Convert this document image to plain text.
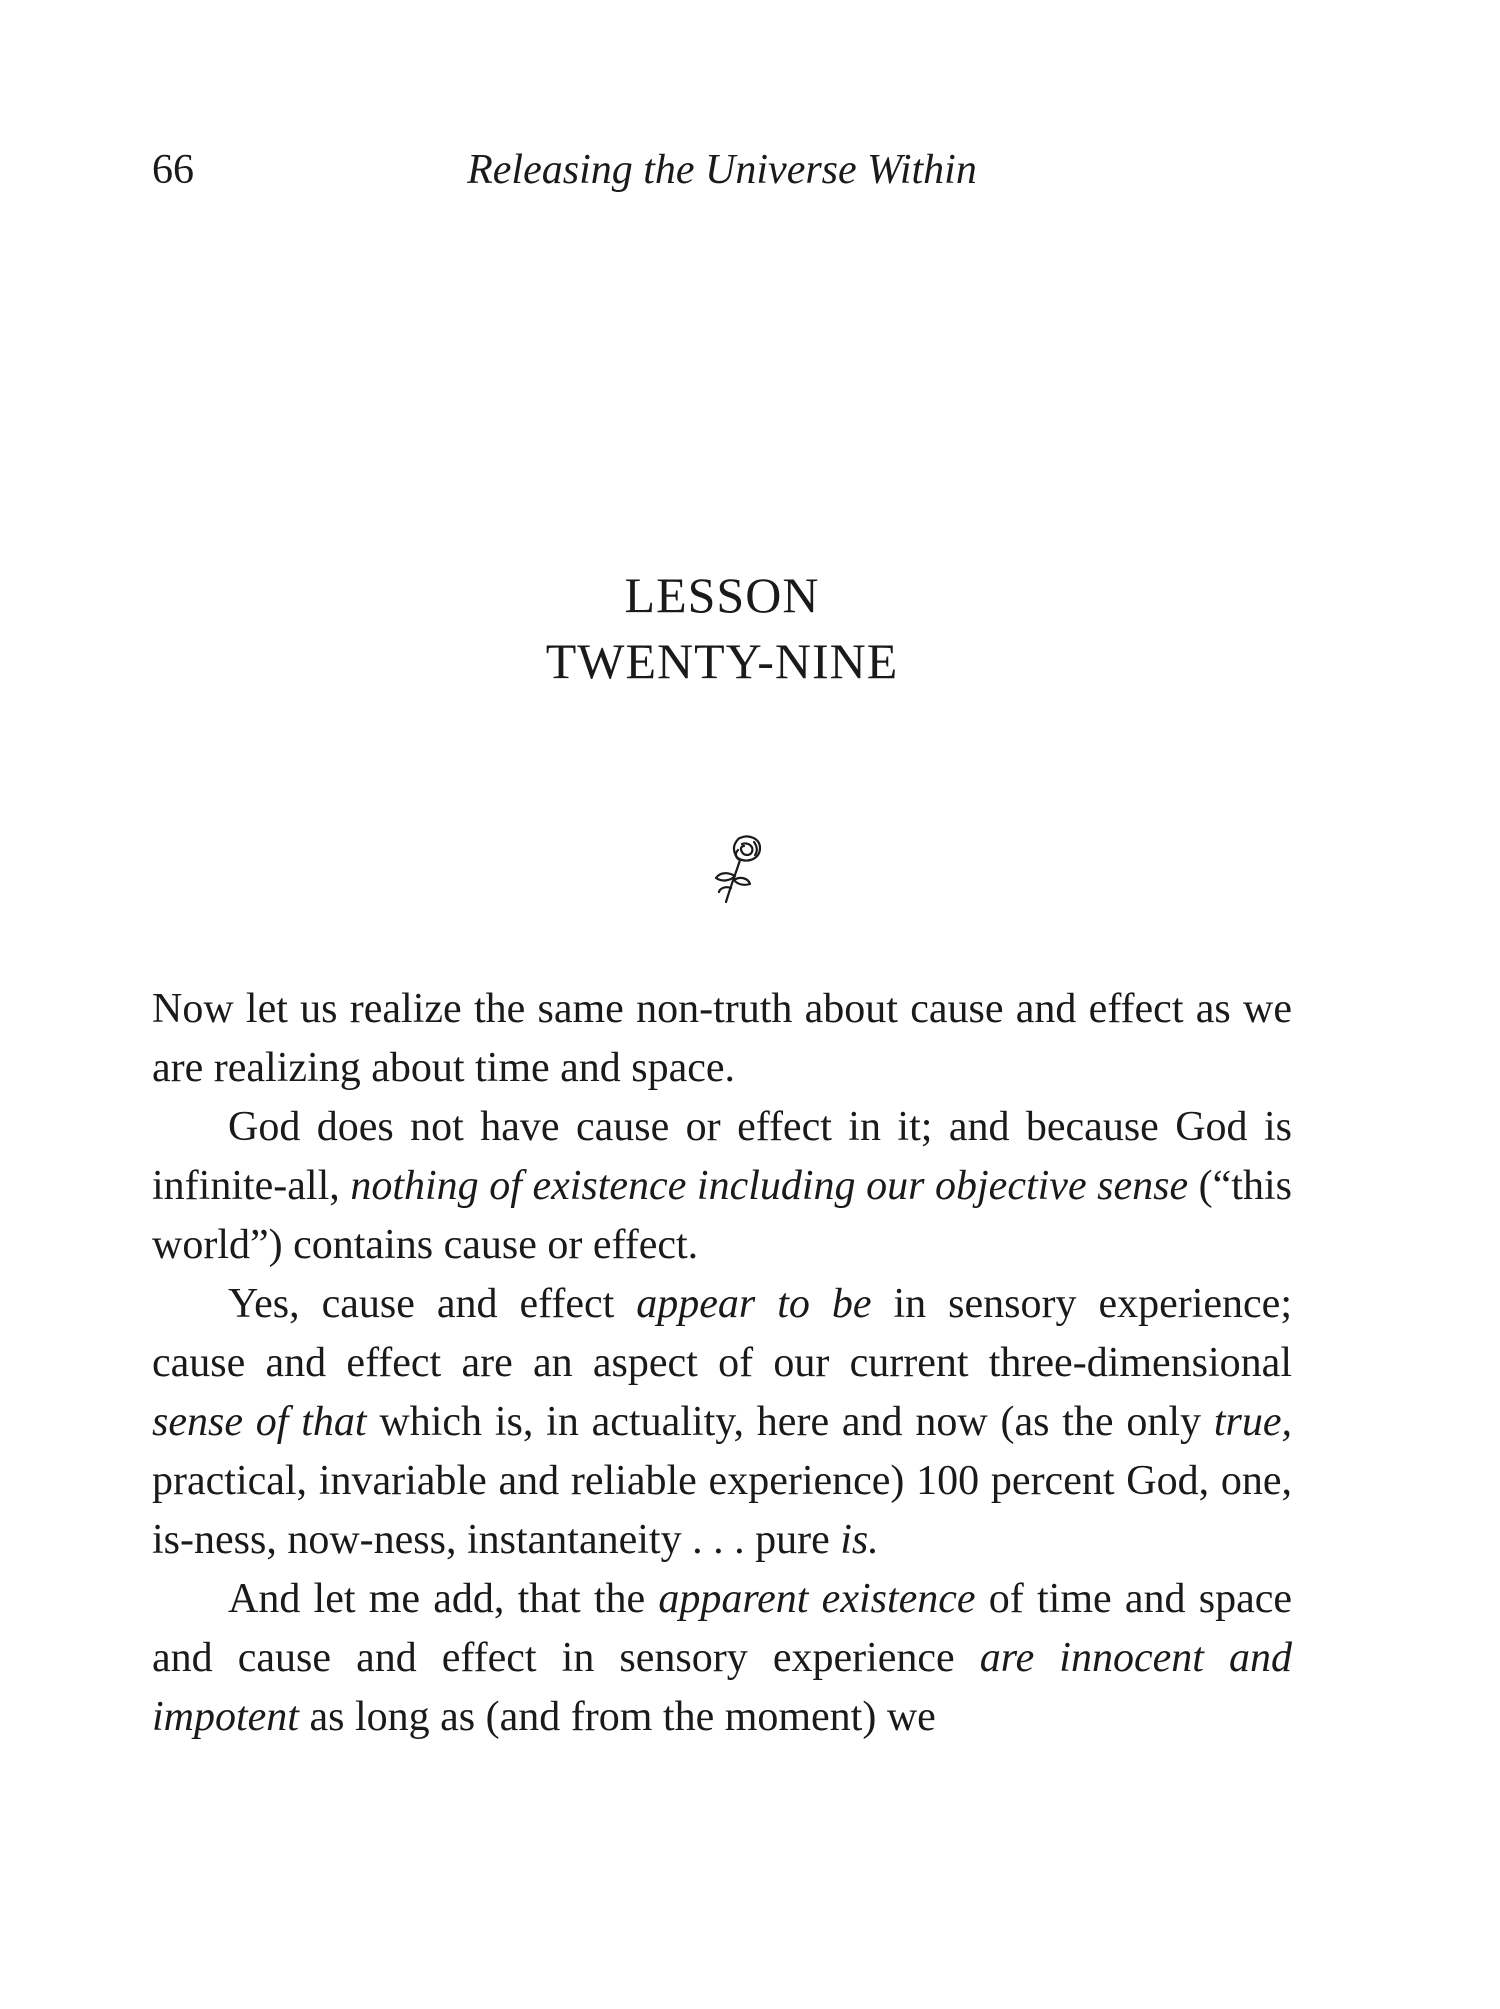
66	Releasing the Universe Within
LESSON
TWENTY-NINE

Now let us realize the same non-truth about cause and effect as we are realizing about time and space.

God does not have cause or effect in it; and because God is infinite-all, nothing of existence including our objective sense (“this world”) contains cause or effect.

Yes, cause and effect appear to be in sensory experience; cause and effect are an aspect of our current three-dimensional sense of that which is, in actuality, here and now (as the only true, practical, invariable and reliable experience) 100 percent God, one, is-ness, now-ness, instantaneity . . . pure is.

And let me add, that the apparent existence of time and space and cause and effect in sensory experience are innocent and impotent as long as (and from the moment) we
